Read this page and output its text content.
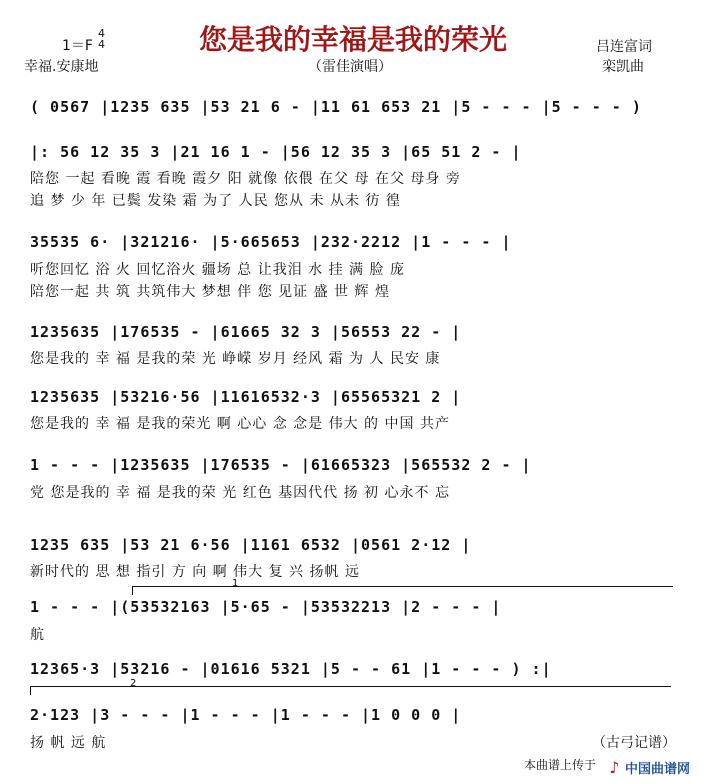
您是我的幸福是我的荣光
1＝F
4
4
幸福.安康地	（雷佳演唱）
吕连富词
栾凯曲
( 0567 |1235 635 |53 21 6 - |11 61 653 21 |5 - - - |5 - - - )
|: 56 12 35 3 |21 16 1 - |56 12 35 3 |65 51 2 - |
陪您 一起 看晚 霞 看晚 霞夕 阳 就像 依偎 在父 母 在父 母身 旁
追 梦 少 年 已鬓 发染 霜 为了 人民 您从 未 从未 彷 徨
35535 6· |321216· |5·665653 |232·2212 |1 - - - |
听您回忆 浴 火 回忆浴火 疆场 总 让我泪 水 挂 满 脸 庞
陪您一起 共 筑 共筑伟大 梦想 伴 您 见证 盛 世 辉 煌
1235635 |176535 - |61665 32 3 |56553 22 - |
您是我的 幸 福 是我的荣 光 峥嵘 岁月 经风 霜 为 人 民安 康
1235635 |53216·56 |11616532·3 |65565321 2 |
您是我的 幸 福 是我的荣光 啊 心心 念 念是 伟大 的 中国 共产
1 - - - |1235635 |176535 - |61665323 |565532 2 - |
党 您是我的 幸 福 是我的荣 光 红色 基因代代 扬 初 心永不 忘
1235 635 |53 21 6·56 |1161 6532 |0561 2·12 |
新时代的 思 想 指引 方 向 啊 伟大 复 兴 扬帆 远
1
1 - - - |(53532163 |5·65 - |53532213 |2 - - - |
航
12365·3 |53216 - |01616 5321 |5 - - 61 |1 - - - ) :|
2
2·123 |3 - - - |1 - - - |1 - - - |1 0 0 0 |
扬 帆 远 航	（古弓记谱）
本曲谱上传于 ♪ 中国曲谱网
